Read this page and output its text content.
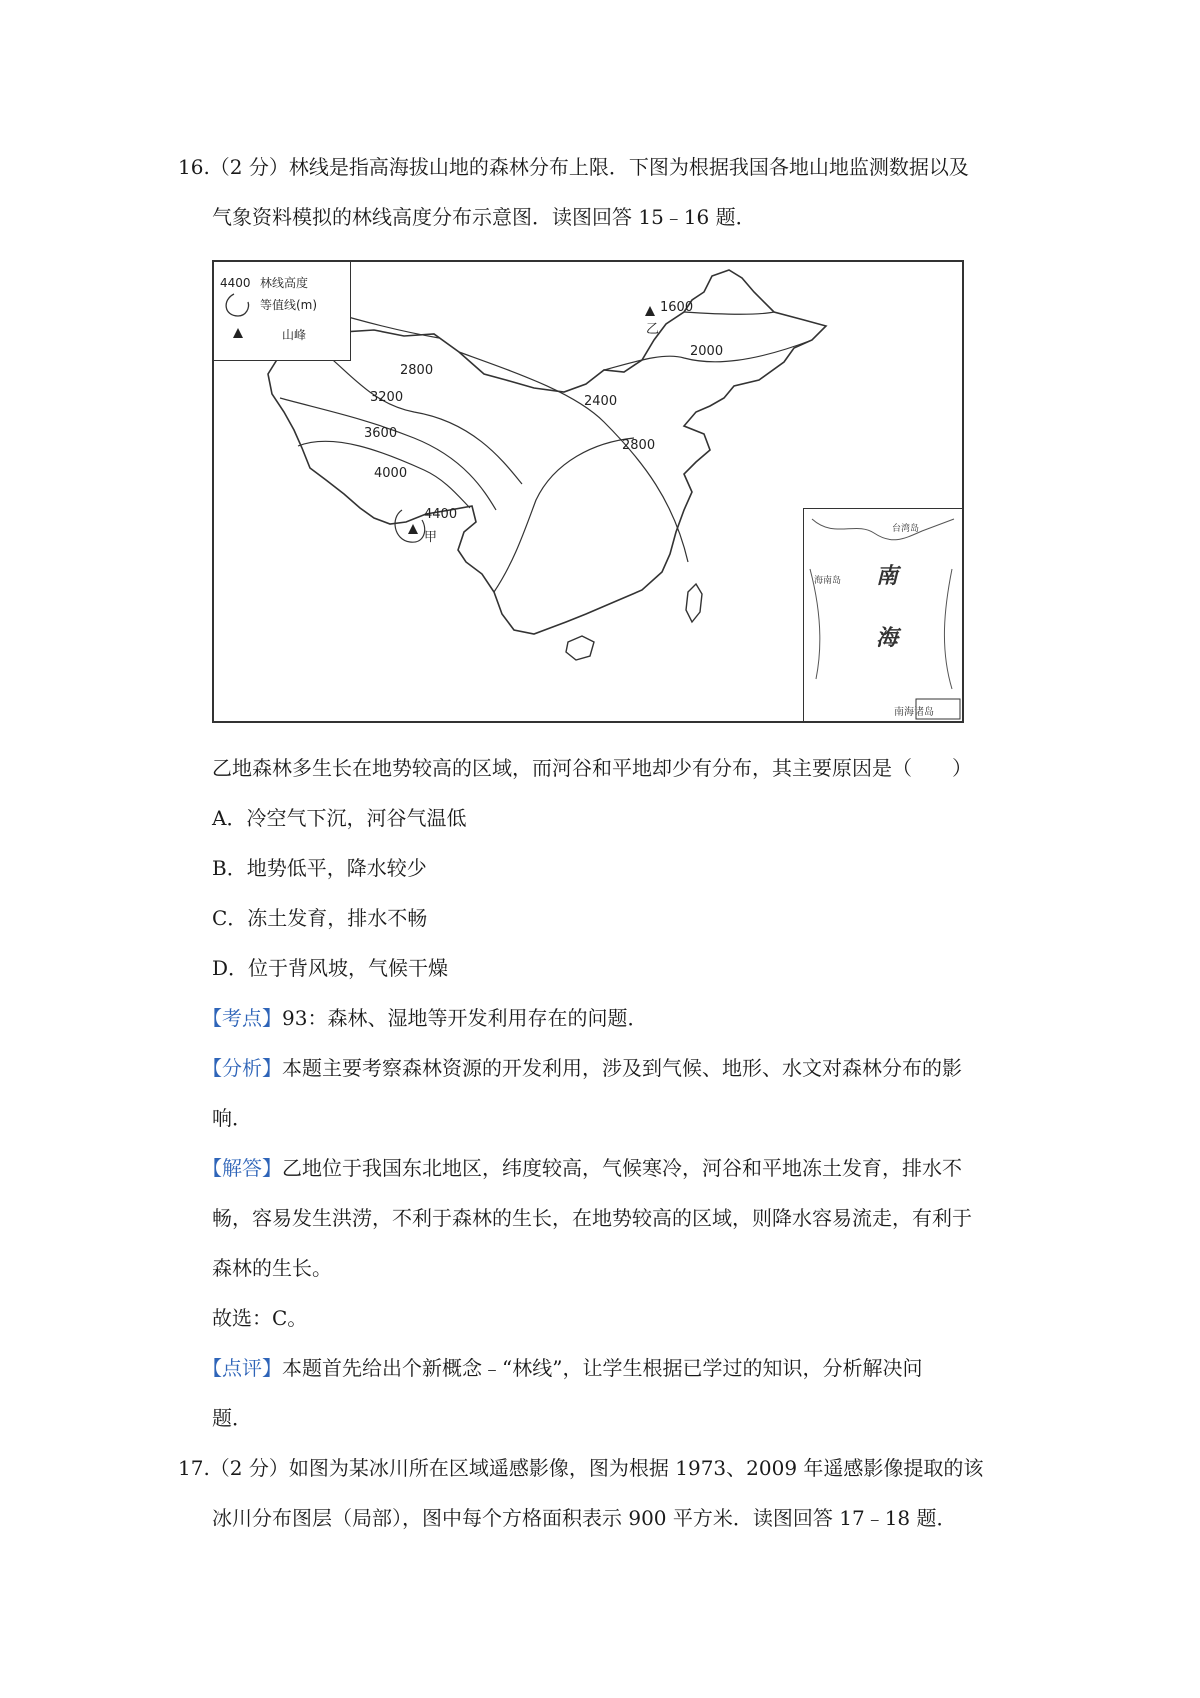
16.（2 分）林线是指高海拔山地的森林分布上限．下图为根据我国各地山地监测数据以及
气象资料模拟的林线高度分布示意图．读图回答 15﹣16 题．
4400 林线高度
等值线(m)
山峰
2800
3200
3600
4000
4400
甲
1600
乙
2000
2400
2800
台湾岛
海南岛 南
海
南海诸岛
乙地森林多生长在地势较高的区域，而河谷和平地却少有分布，其主要原因是（　　）
A．冷空气下沉，河谷气温低
B．地势低平，降水较少
C．冻土发育，排水不畅
D．位于背风坡，气候干燥
【考点】93：森林、湿地等开发利用存在的问题．
【分析】本题主要考察森林资源的开发利用，涉及到气候、地形、水文对森林分布的影
响．
【解答】乙地位于我国东北地区，纬度较高，气候寒冷，河谷和平地冻土发育，排水不
畅，容易发生洪涝，不利于森林的生长，在地势较高的区域，则降水容易流走，有利于
森林的生长。
故选：C。
【点评】本题首先给出个新概念﹣“林线”，让学生根据已学过的知识，分析解决问
题．
17.（2 分）如图为某冰川所在区域遥感影像，图为根据 1973、2009 年遥感影像提取的该
冰川分布图层（局部），图中每个方格面积表示 900 平方米．读图回答 17﹣18 题．
